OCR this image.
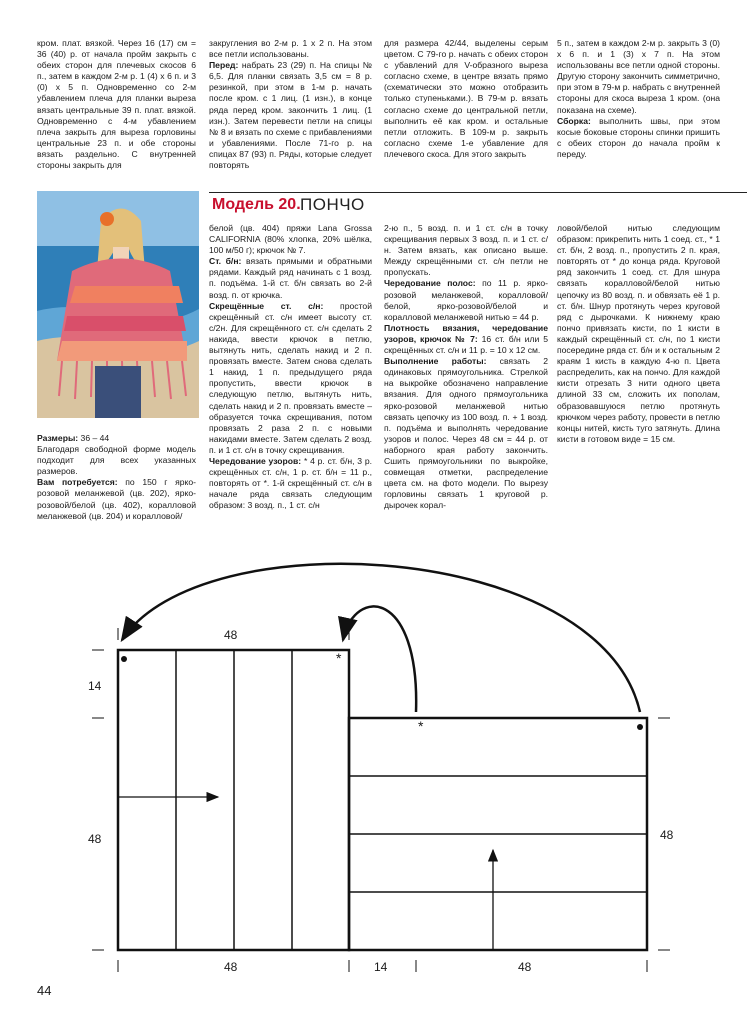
кром. плат. вязкой. Через 16 (17) см = 36 (40) р. от начала пройм закрыть с обеих сторон для плечевых скосов 6 п., затем в каждом 2-м р. 1 (4) х 6 п. и 3 (0) х 5 п. Одновременно со 2-м убавлением плеча для планки выреза вязать центральные 39 п. плат. вязкой. Одновременно с 4-м убавлением плеча закрыть для выреза горловины центральные 23 п. и обе стороны вязать раздельно. С внутренней стороны закрыть для

закругления во 2-м р. 1 х 2 п. На этом все петли использованы.

Перед: набрать 23 (29) п. На спицы № 6,5. Для планки связать 3,5 см = 8 р. резинкой, при этом в 1-м р. начать после кром. с 1 лиц. (1 изн.), в конце ряда перед кром. закончить 1 лиц. (1 изн.). Затем перевести петли на спицы № 8 и вязать по схеме с прибавлениями и убавлениями. После 71-го р. на спицах 87 (93) п. Ряды, которые следует повторять

для размера 42/44, выделены серым цветом. С 79-го р. начать с обеих сторон с убавлений для V-образного выреза согласно схеме, в центре вязать прямо (схематически это можно отобразить только ступеньками.). В 79-м р. вязать согласно схеме до центральной петли, выполнить её как кром. и остальные петли отложить. В 109-м р. закрыть согласно схеме 1-е убавление для плечевого скоса. Для этого закрыть

5 п., затем в каждом 2-м р. закрыть 3 (0) х 6 п. и 1 (3) х 7 п. На этом использованы все петли одной стороны. Другую сторону закончить симметрично, при этом в 79-м р. набрать с внутренней стороны для скоса выреза 1 кром. (она показана на схеме).

Сборка: выполнить швы, при этом косые боковые стороны спинки пришить с обеих сторон до начала пройм к переду.

Модель 20. ПОНЧО

Размеры: 36 – 44

Благодаря свободной форме модель подходит для всех указанных размеров.

Вам потребуется: по 150 г ярко-розовой меланжевой (цв. 202), ярко-розовой/белой (цв. 402), коралловой меланжевой (цв. 204) и коралловой/

белой (цв. 404) пряжи Lana Grossa CALIFORNIA (80% хлопка, 20% шёлка, 100 м/50 г); крючок № 7.

Ст. б/н: вязать прямыми и обратными рядами. Каждый ряд начинать с 1 возд. п. подъёма. 1-й ст. б/н связать во 2-й возд. п. от крючка.

Скрещённые ст. с/н: простой скрещённый ст. с/н имеет высоту ст. с/2н. Для скрещённого ст. с/н сделать 2 накида, ввести крючок в петлю, вытянуть нить, сделать накид и 2 п. провязать вместе. Затем снова сделать 1 накид, 1 п. предыдущего ряда пропустить, ввести крючок в следующую петлю, вытянуть нить, сделать накид и 2 п. провязать вместе – образуется точка скрещивания, потом провязать 2 раза 2 п. с новыми накидами вместе. Затем сделать 2 возд. п. и 1 ст. с/н в точку скрещивания.

Чередование узоров: * 4 р. ст. б/н, 3 р. скрещённых ст. с/н, 1 р. ст. б/н = 11 р., повторять от *. 1-й скрещённый ст. с/н в начале ряда связать следующим образом: 3 возд. п., 1 ст. с/н

2-ю п., 5 возд. п. и 1 ст. с/н в точку скрещивания первых 3 возд. п. и 1 ст. с/н. Затем вязать, как описано выше. Между скрещёнными ст. с/н петли не пропускать.

Чередование полос: по 11 р. ярко-розовой меланжевой, коралловой/белой, ярко-розовой/белой и коралловой меланжевой нитью = 44 р.

Плотность вязания, чередование узоров, крючок № 7: 16 ст. б/н или 5 скрещённых ст. с/н и 11 р. = 10 х 12 см.

Выполнение работы: связать 2 одинаковых прямоугольника. Стрелкой на выкройке обозначено направление вязания. Для одного прямоугольника ярко-розовой меланжевой нитью связать цепочку из 100 возд. п. + 1 возд. п. подъёма и выполнять чередование узоров и полос. Через 48 см = 44 р. от наборного края работу закончить. Сшить прямоугольники по выкройке, совмещая отметки, распределение цвета см. на фото модели. По вырезу горловины связать 1 круговой р. дырочек корал-

ловой/белой нитью следующим образом: прикрепить нить 1 соед. ст., * 1 ст. б/н, 2 возд. п., пропустить 2 п. края, повторять от * до конца ряда. Круговой ряд закончить 1 соед. ст. Для шнура связать коралловой/белой нитью цепочку из 80 возд. п. и обвязать её 1 р. ст. б/н. Шнур протянуть через круговой ряд с дырочками. К нижнему краю пончо привязать кисти, по 1 кисти в каждый скрещённый ст. с/н, по 1 кисти посередине ряда ст. б/н и к остальным 2 краям 1 кисть в каждую 4-ю п. Цвета распределить, как на пончо. Для каждой кисти отрезать 3 нити одного цвета длиной 33 см, сложить их пополам, образовавшуюся петлю протянуть крючком через работу, провести в петлю концы нитей, кисть туго затянуть. Длина кисти в готовом виде = 15 см.

48
14
48	48
48	14	48
*
*
44
